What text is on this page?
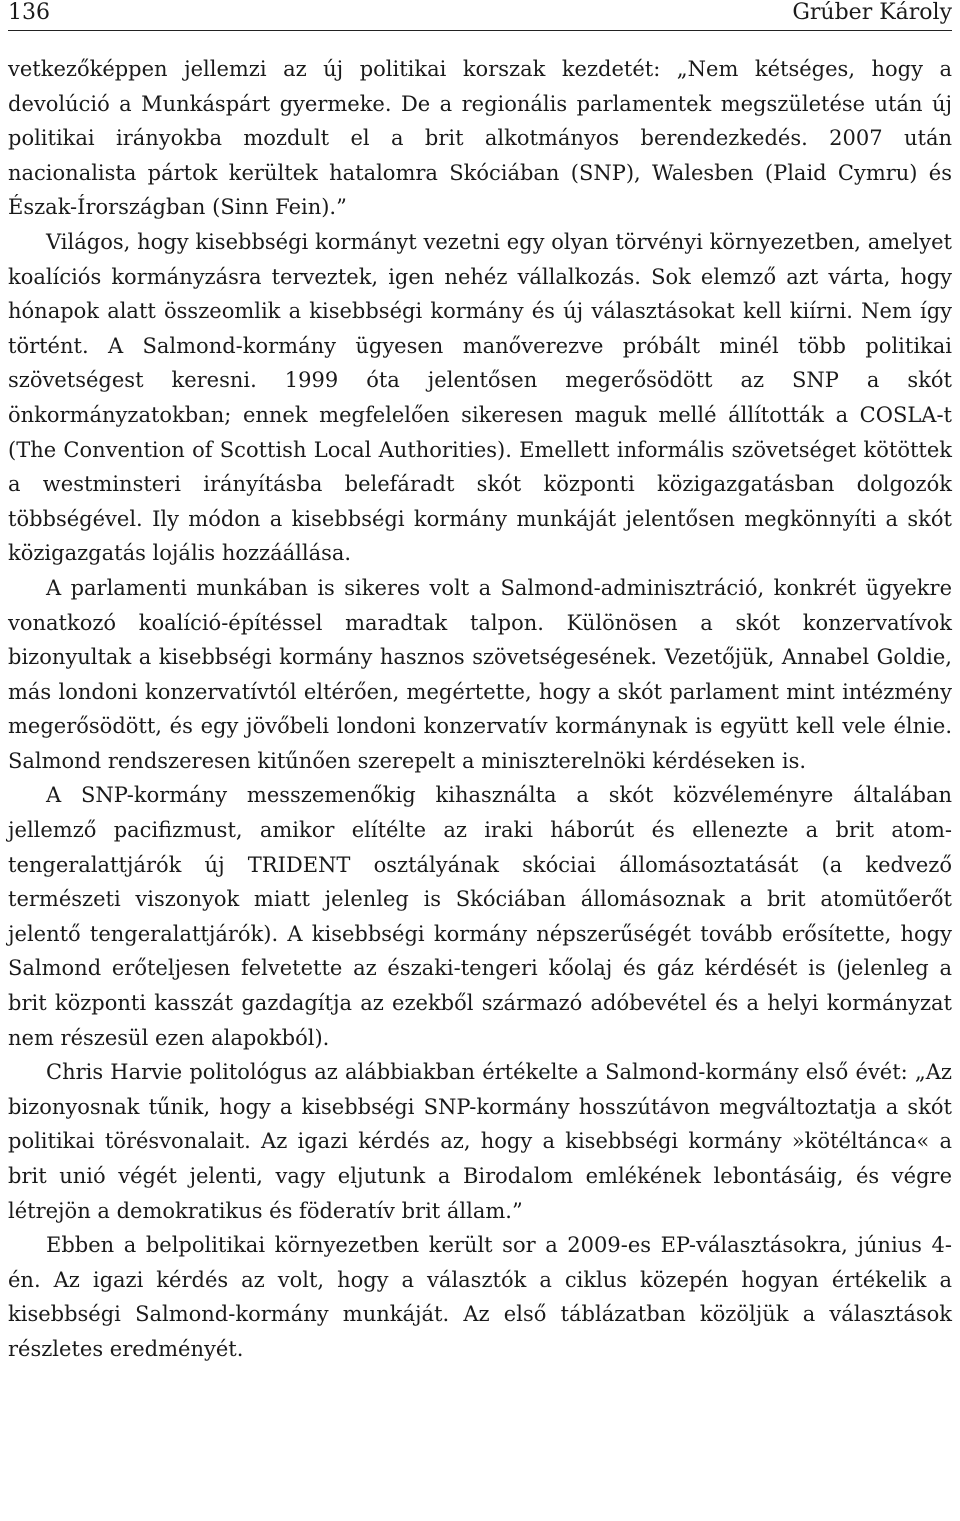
136	Grúber Károly

vetkezőképpen jellemzi az új politikai korszak kezdetét: „Nem kétséges, hogy a devolúció a Munkáspárt gyermeke. De a regionális parlamentek megszületése után új politikai irányokba mozdult el a brit alkotmányos berendezkedés. 2007 után nacionalista pártok kerültek hatalomra Skóciában (SNP), Walesben (Plaid Cymru) és Észak-Írországban (Sinn Fein).”

Világos, hogy kisebbségi kormányt vezetni egy olyan törvényi környezetben, amelyet koalíciós kormányzásra terveztek, igen nehéz vállalkozás. Sok elemző azt várta, hogy hónapok alatt összeomlik a kisebbségi kormány és új választásokat kell kiírni. Nem így történt. A Salmond-kormány ügyesen manőverezve próbált minél több politikai szövetségest keresni. 1999 óta jelentősen megerősödött az SNP a skót önkormányzatokban; ennek megfelelően sikeresen maguk mellé állították a COSLA-t (The Convention of Scottish Local Authorities). Emellett informális szövetséget kötöttek a westminsteri irányításba belefáradt skót központi közigazgatásban dolgozók többségével. Ily módon a kisebbségi kormány munkáját jelentősen megkönnyíti a skót közigazgatás lojális hozzáállása.

A parlamenti munkában is sikeres volt a Salmond-adminisztráció, konkrét ügyekre vonatkozó koalíció-építéssel maradtak talpon. Különösen a skót konzervatívok bizonyultak a kisebbségi kormány hasznos szövetségesének. Vezetőjük, Annabel Goldie, más londoni konzervatívtól eltérően, megértette, hogy a skót parlament mint intézmény megerősödött, és egy jövőbeli londoni konzervatív kormánynak is együtt kell vele élnie. Salmond rendszeresen kitűnően szerepelt a miniszterelnöki kérdéseken is.

A SNP-kormány messzemenőkig kihasználta a skót közvéleményre általában jellemző pacifizmust, amikor elítélte az iraki háborút és ellenezte a brit atom-tengeralattjárók új TRIDENT osztályának skóciai állomásoztatását (a kedvező természeti viszonyok miatt jelenleg is Skóciában állomásoznak a brit atomütőerőt jelentő tengeralattjárók). A kisebbségi kormány népszerűségét tovább erősítette, hogy Salmond erőteljesen felvetette az északi-tengeri kőolaj és gáz kérdését is (jelenleg a brit központi kasszát gazdagítja az ezekből származó adóbevétel és a helyi kormányzat nem részesül ezen alapokból).

Chris Harvie politológus az alábbiakban értékelte a Salmond-kormány első évét: „Az bizonyosnak tűnik, hogy a kisebbségi SNP-kormány hosszútávon megváltoztatja a skót politikai törésvonalait. Az igazi kérdés az, hogy a kisebbségi kormány »kötéltánca« a brit unió végét jelenti, vagy eljutunk a Birodalom emlékének lebontásáig, és végre létrejön a demokratikus és föderatív brit állam.”

Ebben a belpolitikai környezetben került sor a 2009-es EP-választásokra, június 4-én. Az igazi kérdés az volt, hogy a választók a ciklus közepén hogyan értékelik a kisebbségi Salmond-kormány munkáját. Az első táblázatban közöljük a választások részletes eredményét.
